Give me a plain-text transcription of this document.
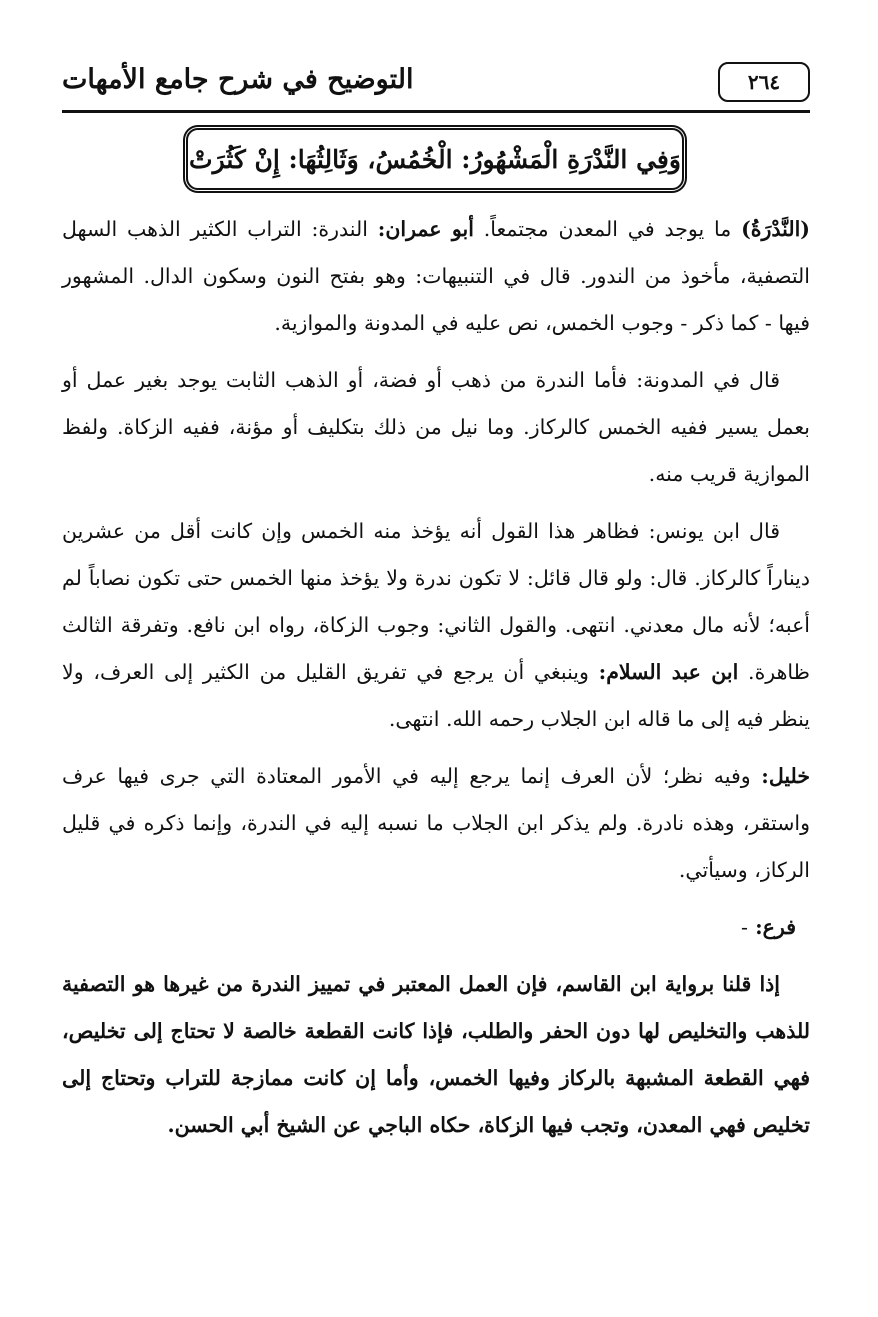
٢٦٤
التوضيح في شرح جامع الأمهات
وَفِي النَّدْرَةِ الْمَشْهُورُ: الْخُمُسُ، وَثَالِثُهَا: إِنْ كَثُرَتْ

(النَّدْرَةُ) ما يوجد في المعدن مجتمعاً. أبو عمران: الندرة: التراب الكثير الذهب السهل التصفية، مأخوذ من الندور. قال في التنبيهات: وهو بفتح النون وسكون الدال. المشهور فيها - كما ذكر - وجوب الخمس، نص عليه في المدونة والموازية.

قال في المدونة: فأما الندرة من ذهب أو فضة، أو الذهب الثابت يوجد بغير عمل أو بعمل يسير ففيه الخمس كالركاز. وما نيل من ذلك بتكليف أو مؤنة، ففيه الزكاة. ولفظ الموازية قريب منه.

قال ابن يونس: فظاهر هذا القول أنه يؤخذ منه الخمس وإن كانت أقل من عشرين ديناراً كالركاز. قال: ولو قال قائل: لا تكون ندرة ولا يؤخذ منها الخمس حتى تكون نصاباً لم أعبه؛ لأنه مال معدني. انتهى. والقول الثاني: وجوب الزكاة، رواه ابن نافع. وتفرقة الثالث ظاهرة. ابن عبد السلام: وينبغي أن يرجع في تفريق القليل من الكثير إلى العرف، ولا ينظر فيه إلى ما قاله ابن الجلاب رحمه الله. انتهى.

خليل: وفيه نظر؛ لأن العرف إنما يرجع إليه في الأمور المعتادة التي جرى فيها عرف واستقر، وهذه نادرة. ولم يذكر ابن الجلاب ما نسبه إليه في الندرة، وإنما ذكره في قليل الركاز، وسيأتي.

فرع: -

إذا قلنا برواية ابن القاسم، فإن العمل المعتبر في تمييز الندرة من غيرها هو التصفية للذهب والتخليص لها دون الحفر والطلب، فإذا كانت القطعة خالصة لا تحتاج إلى تخليص، فهي القطعة المشبهة بالركاز وفيها الخمس، وأما إن كانت ممازجة للتراب وتحتاج إلى تخليص فهي المعدن، وتجب فيها الزكاة، حكاه الباجي عن الشيخ أبي الحسن.
